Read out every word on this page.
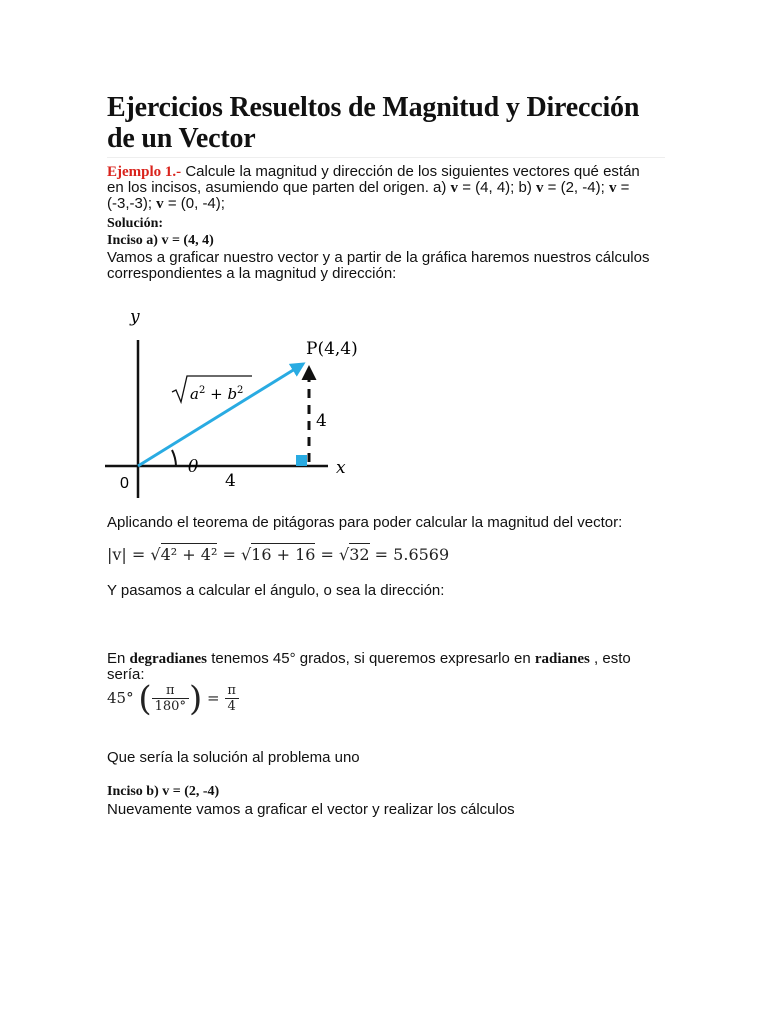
Ejercicios Resueltos de Magnitud y Dirección de un Vector

Ejemplo 1.- Calcule la magnitud y dirección de los siguientes vectores qué están en los incisos, asumiendo que parten del origen. a) v = (4, 4); b) v = (2, -4); v = (-3,-3); v = (0, -4);

Solución:

Inciso a) v = (4, 4)

Vamos a graficar nuestro vector y a partir de la gráfica haremos nuestros cálculos correspondientes a la magnitud y dirección:

Aplicando el teorema de pitágoras para poder calcular la magnitud del vector:

|v| = √4² + 4² = √16 + 16 = √32 = 5.6569

Y pasamos a calcular el ángulo, o sea la dirección:

En degradianes tenemos 45° grados, si queremos expresarlo en radianes , esto sería:

45° ( $\frac{\pi}{180^\circ}$ ) = $\frac{\pi}{4}$

Que sería la solución al problema uno

Inciso b) v = (2, -4)

Nuevamente vamos a graficar el vector y realizar los cálculos

y
x
0
P(4,4)
θ
4
4
$a^2 + b^2$
